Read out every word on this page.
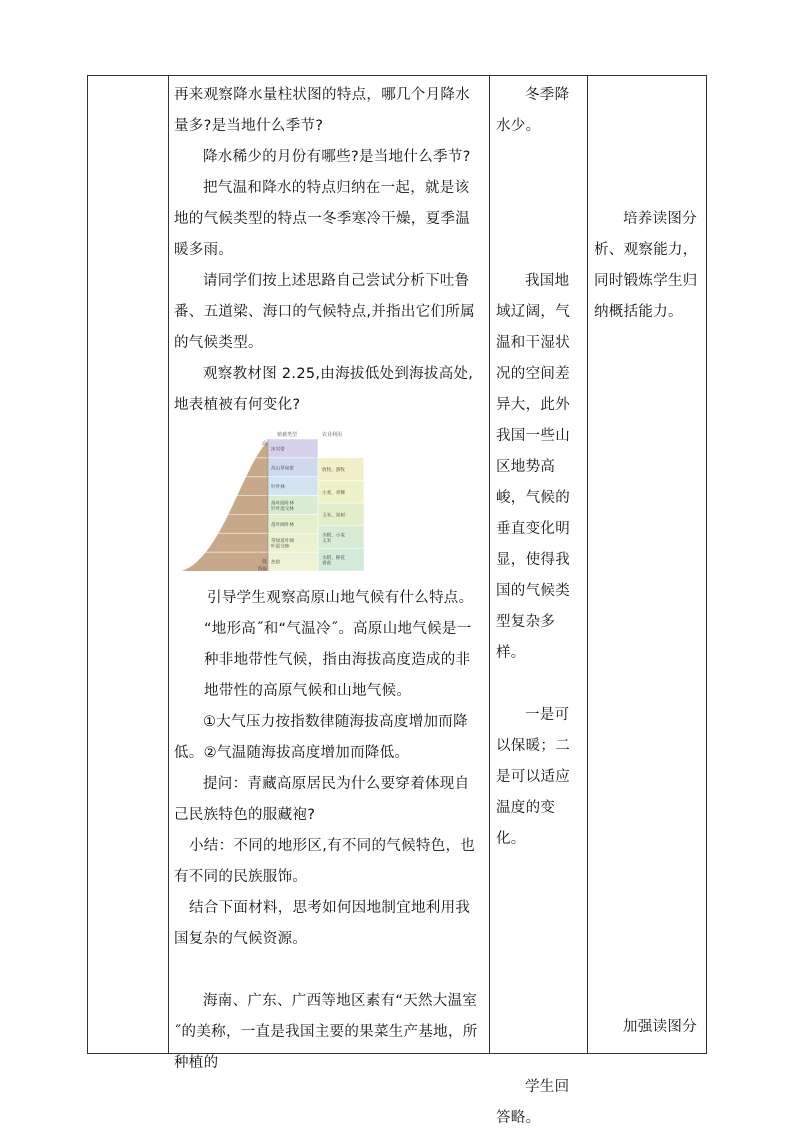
再来观察降水量柱状图的特点，哪几个月降水量多?是当地什么季节?

降水稀少的月份有哪些?是当地什么季节?

把气温和降水的特点归纳在一起，就是该地的气候类型的特点一冬季寒冷干燥，夏季温暖多雨。

请同学们按上述思路自己尝试分析下吐鲁番、五道梁、海口的气候特点,并指出它们所属的气候类型。

观察教材图 2.25,由海拔低处到海拔高处,地表植被有何变化?

植被类型	农业利用
冰雪带
高山草甸带
针叶林
落叶阔叶林
针叶混交林
落叶阔叶林
常绿落叶阔
叶混交林
热带
放牧、游牧
小麦、青稞
玉米、果树
水稻、小麦
玉米
水稻、棉花
香蕉
高
低
海拔

引导学生观察高原山地气候有什么特点。

“地形高˝和“气温冷˝。高原山地气候是一种非地带性气候，指由海拔高度造成的非地带性的高原气候和山地气候。

①大气压力按指数律随海拔高度增加而降低。②气温随海拔高度增加而降低。

提问：青藏高原居民为什么要穿着体现自己民族特色的服藏袍?

小结：不同的地形区,有不同的气候特色，也有不同的民族服饰。

结合下面材料，思考如何因地制宜地利用我国复杂的气候资源。

海南、广东、广西等地区素有“天然大温室˝的美称，一直是我国主要的果菜生产基地，所种植的

冬季降水少。

我国地域辽阔，气温和干湿状况的空间差异大，此外我国一些山区地势高峻，气候的垂直变化明显，使得我国的气候类型复杂多样。

一是可以保暖；二是可以适应温度的变化。

学生回答略。

培养读图分析、观察能力，同时锻炼学生归纳概括能力。

加强读图分
